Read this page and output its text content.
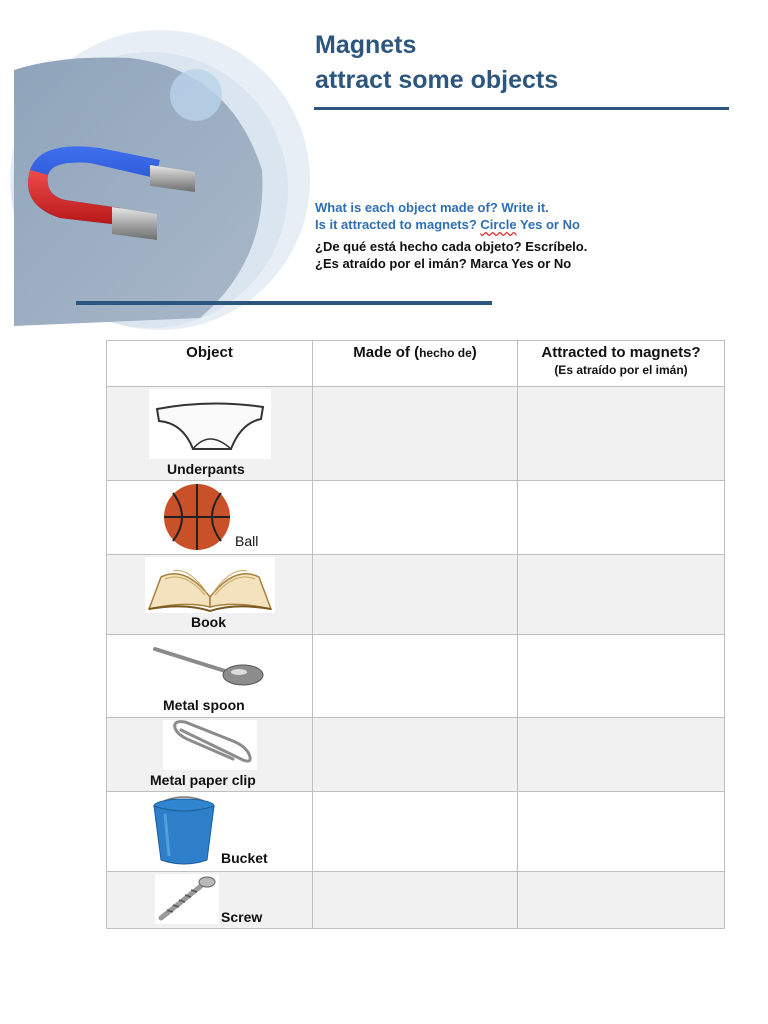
Magnets
attract some objects
What is each object made of? Write it.
Is it attracted to magnets? Circle Yes or No
¿De qué está hecho cada objeto? Escríbelo.
¿Es atraído por el imán? Marca Yes or No
Object	Made of (hecho de)	Attracted to magnets?
(Es atraído por el imán)

Underpants		

Ball		

Book		

Metal spoon		

Metal paper clip		

Bucket		

Screw		
